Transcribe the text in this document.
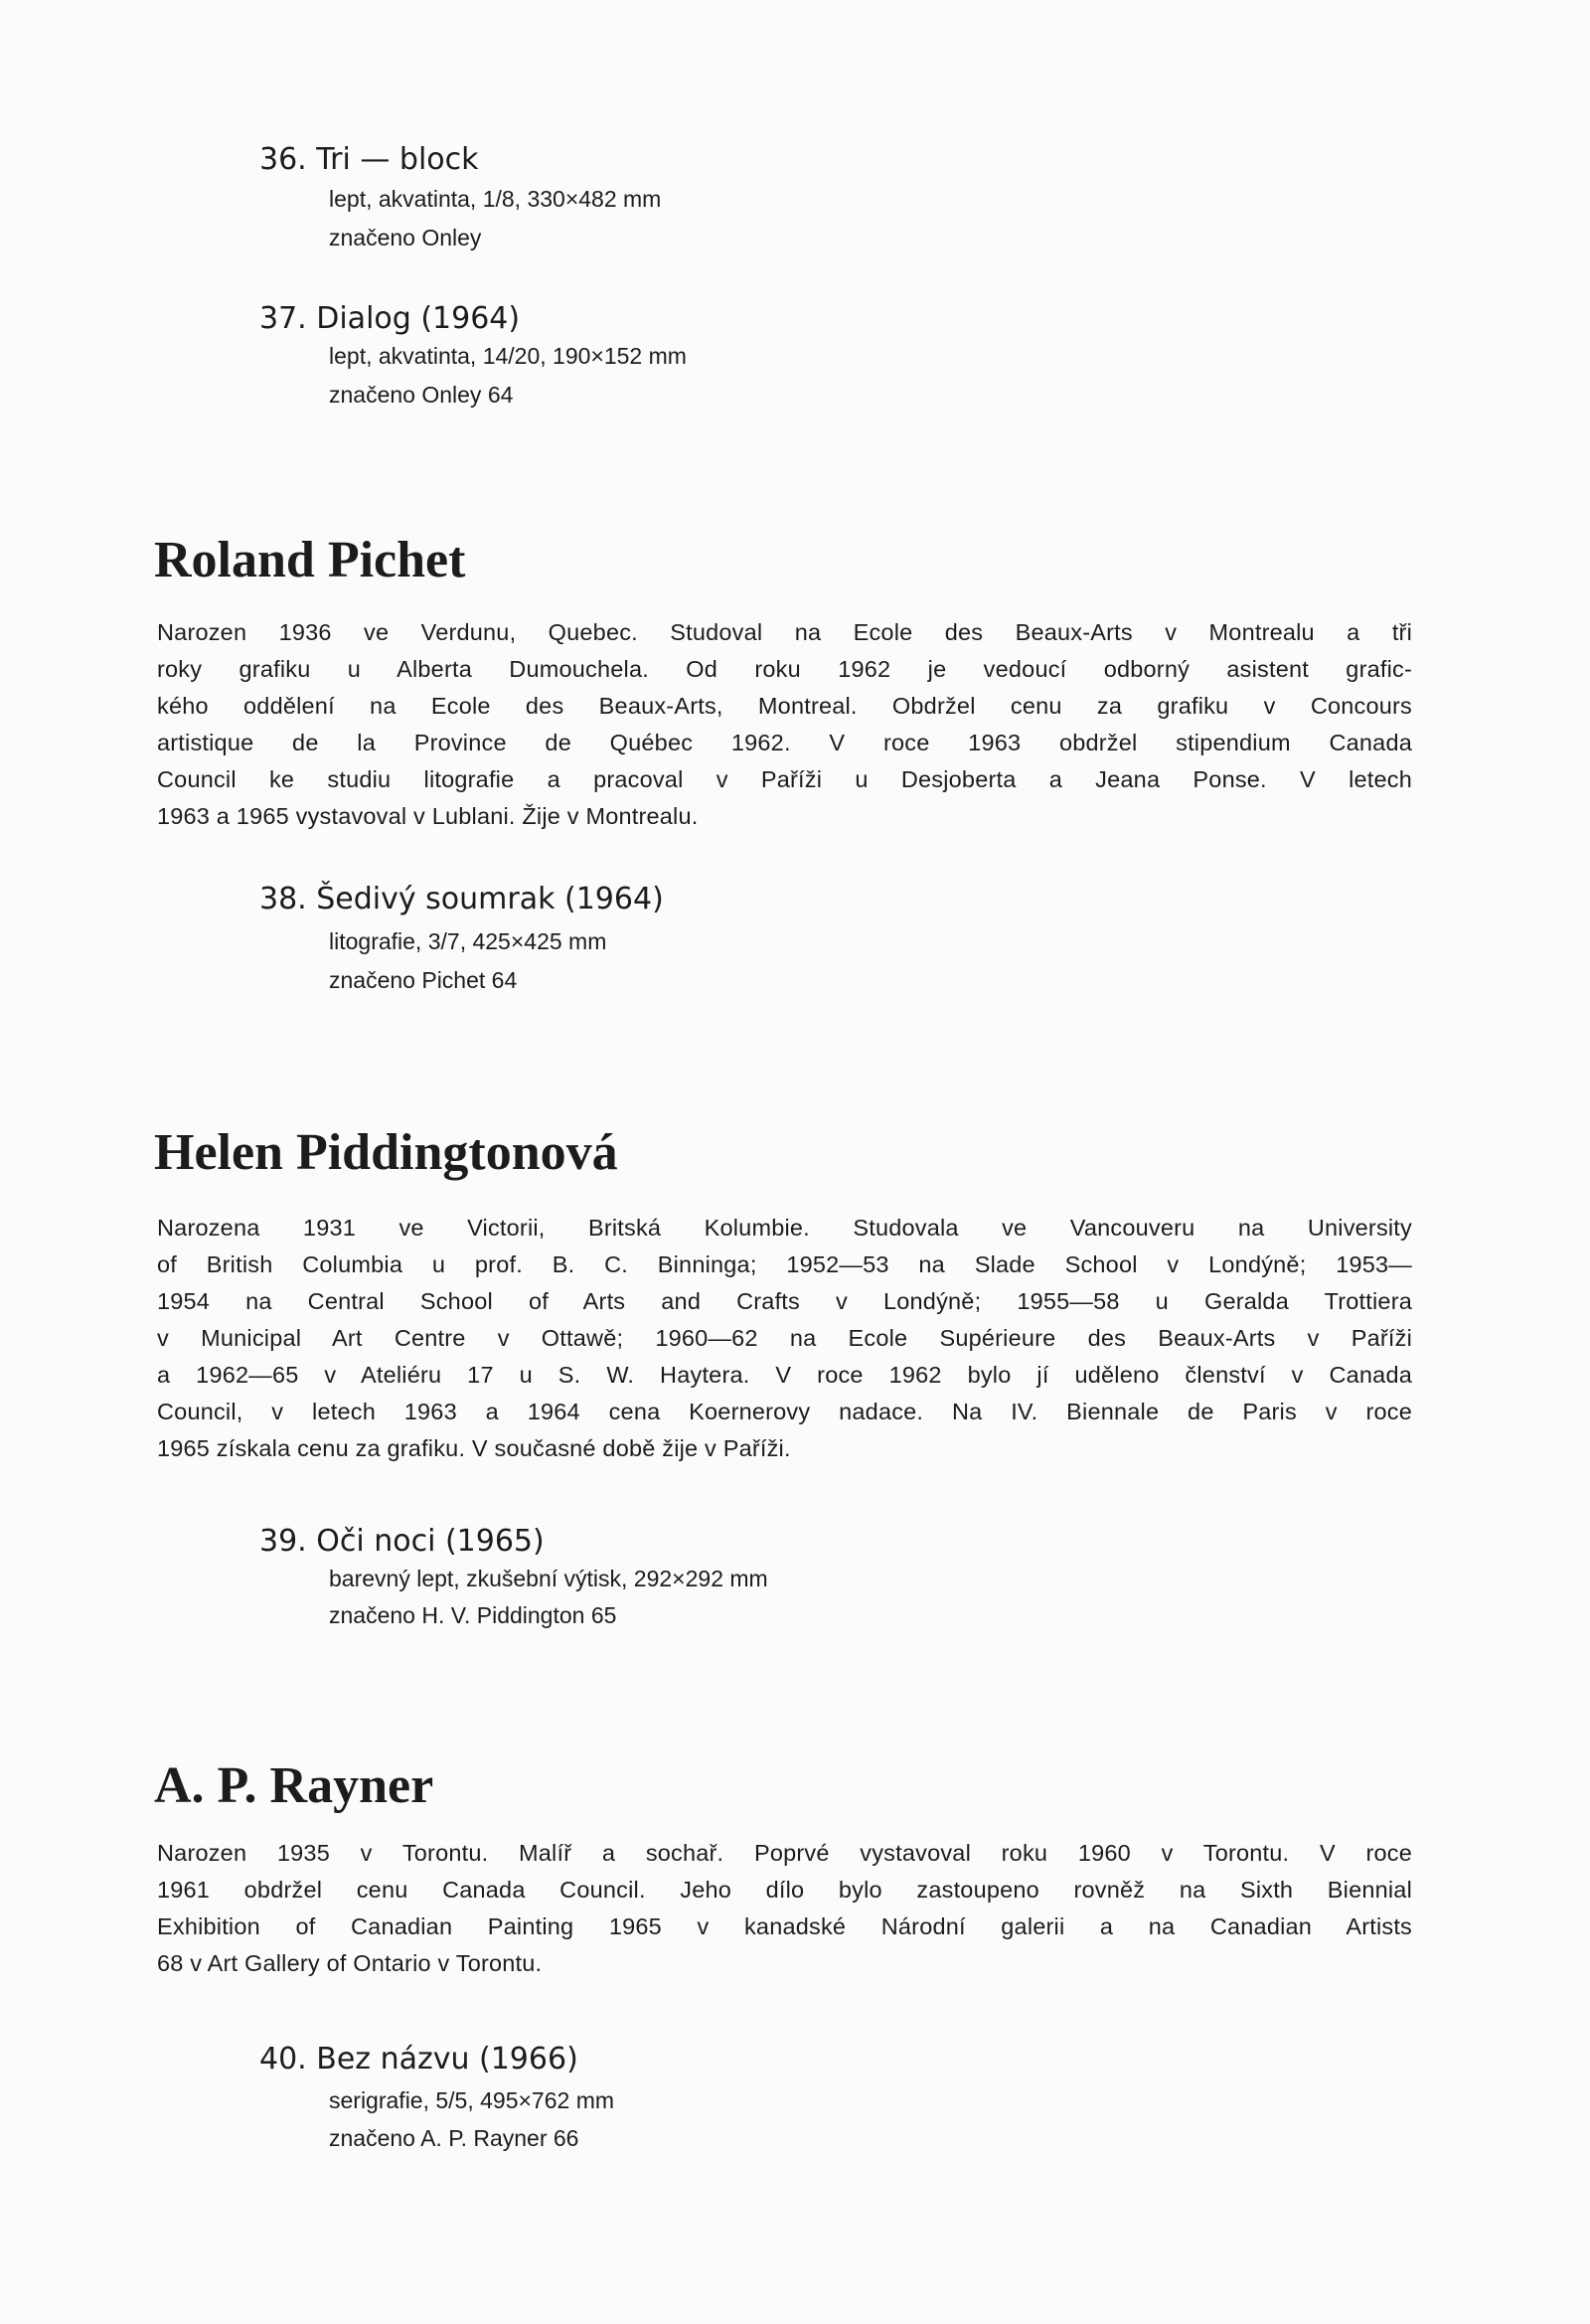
36. Tri — block
lept, akvatinta, 1/8, 330×482 mm
značeno Onley
37. Dialog (1964)
lept, akvatinta, 14/20, 190×152 mm
značeno Onley 64
Roland Pichet
Narozen 1936 ve Verdunu, Quebec. Studoval na Ecole des Beaux-Arts v Montrealu a tři
roky grafiku u Alberta Dumouchela. Od roku 1962 je vedoucí odborný asistent grafic-
kého oddělení na Ecole des Beaux-Arts, Montreal. Obdržel cenu za grafiku v Concours
artistique de la Province de Québec 1962. V roce 1963 obdržel stipendium Canada
Council ke studiu litografie a pracoval v Paříži u Desjoberta a Jeana Ponse. V letech
1963 a 1965 vystavoval v Lublani. Žije v Montrealu.
38. Šedivý soumrak (1964)
litografie, 3/7, 425×425 mm
značeno Pichet 64
Helen Piddingtonová
Narozena 1931 ve Victorii, Britská Kolumbie. Studovala ve Vancouveru na University
of British Columbia u prof. B. C. Binninga; 1952—53 na Slade School v Londýně; 1953—
1954 na Central School of Arts and Crafts v Londýně; 1955—58 u Geralda Trottiera
v Municipal Art Centre v Ottawě; 1960—62 na Ecole Supérieure des Beaux-Arts v Paříži
a 1962—65 v Ateliéru 17 u S. W. Haytera. V roce 1962 bylo jí uděleno členství v Canada
Council, v letech 1963 a 1964 cena Koernerovy nadace. Na IV. Biennale de Paris v roce
1965 získala cenu za grafiku. V současné době žije v Paříži.
39. Oči noci (1965)
barevný lept, zkušební výtisk, 292×292 mm
značeno H. V. Piddington 65
A. P. Rayner
Narozen 1935 v Torontu. Malíř a sochař. Poprvé vystavoval roku 1960 v Torontu. V roce
1961 obdržel cenu Canada Council. Jeho dílo bylo zastoupeno rovněž na Sixth Biennial
Exhibition of Canadian Painting 1965 v kanadské Národní galerii a na Canadian Artists
68 v Art Gallery of Ontario v Torontu.
40. Bez názvu (1966)
serigrafie, 5/5, 495×762 mm
značeno A. P. Rayner 66
